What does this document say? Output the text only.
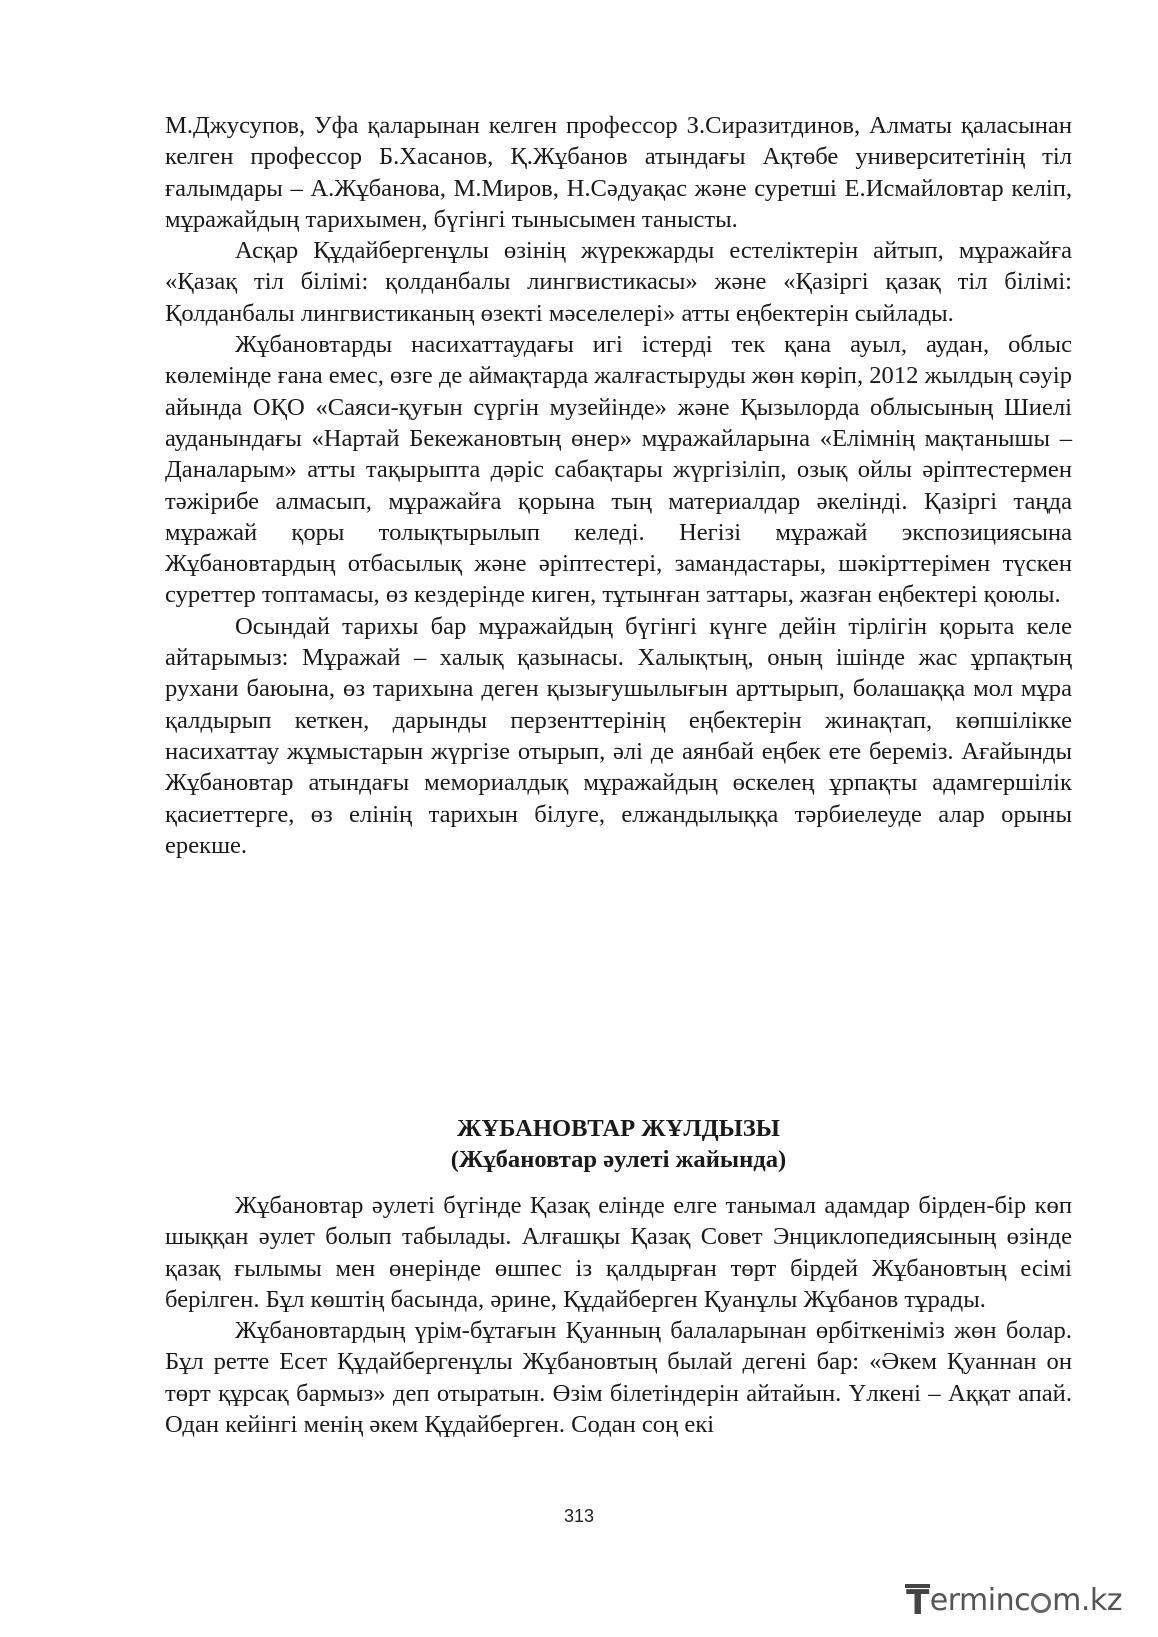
М.Джусупов, Уфа қаларынан келген профессор З.Сиразитдинов, Алматы қаласынан келген профессор Б.Хасанов, Қ.Жұбанов атындағы Ақтөбе университетінің тіл ғалымдары – А.Жұбанова, М.Миров, Н.Сәдуақас және суретші Е.Исмайловтар келіп, мұражайдың тарихымен, бүгінгі тынысымен танысты.

Асқар Құдайбергенұлы өзінің жүрекжарды естеліктерін айтып, мұражайға «Қазақ тіл білімі: қолданбалы лингвистикасы» және «Қазіргі қазақ тіл білімі: Қолданбалы лингвистиканың өзекті мәселелері» атты еңбектерін сыйлады.

Жұбановтарды насихаттаудағы игі істерді тек қана ауыл, аудан, облыс көлемінде ғана емес, өзге де аймақтарда жалғастыруды жөн көріп, 2012 жылдың сәуір айында ОҚО «Саяси-қуғын сүргін музейінде» және Қызылорда облысының Шиелі ауданындағы «Нартай Бекежановтың өнер» мұражайларына «Елімнің мақтанышы – Даналарым» атты тақырыпта дәріс сабақтары жүргізіліп, озық ойлы әріптестермен тәжірибе алмасып, мұражайға қорына тың материалдар әкелінді. Қазіргі таңда мұражай қоры толықтырылып келеді. Негізі мұражай экспозициясына Жұбановтардың отбасылық және әріптестері, замандастары, шәкірттерімен түскен суреттер топтамасы, өз кездерінде киген, тұтынған заттары, жазған еңбектері қоюлы.

Осындай тарихы бар мұражайдың бүгінгі күнге дейін тірлігін қорыта келе айтарымыз: Мұражай – халық қазынасы. Халықтың, оның ішінде жас ұрпақтың рухани баюына, өз тарихына деген қызығушылығын арттырып, болашаққа мол мұра қалдырып кеткен, дарынды перзенттерінің еңбектерін жинақтап, көпшілікке насихаттау жұмыстарын жүргізе отырып, әлі де аянбай еңбек ете береміз. Ағайынды Жұбановтар атындағы мемориалдық мұражайдың өскелең ұрпақты адамгершілік қасиеттерге, өз елінің тарихын білуге, елжандылыққа тәрбиелеуде алар орыны ерекше.

ЖҰБАНОВТАР ЖҰЛДЫЗЫ
(Жұбановтар әулеті жайында)

Жұбановтар әулеті бүгінде Қазақ елінде елге танымал адамдар бірден-бір көп шыққан әулет болып табылады. Алғашқы Қазақ Совет Энциклопедиясының өзінде қазақ ғылымы мен өнерінде өшпес із қалдырған төрт бірдей Жұбановтың есімі берілген. Бұл көштің басында, әрине, Құдайберген Қуанұлы Жұбанов тұрады.

Жұбановтардың үрім-бұтағын Қуанның балаларынан өрбіткеніміз жөн болар. Бұл ретте Есет Құдайбергенұлы Жұбановтың былай дегені бар: «Әкем Қуаннан он төрт құрсақ бармыз» деп отыратын. Өзім білетіндерін айтайын. Үлкені – Аққат апай. Одан кейінгі менің әкем Құдайберген. Содан соң екі

313
T erminc m.kz
